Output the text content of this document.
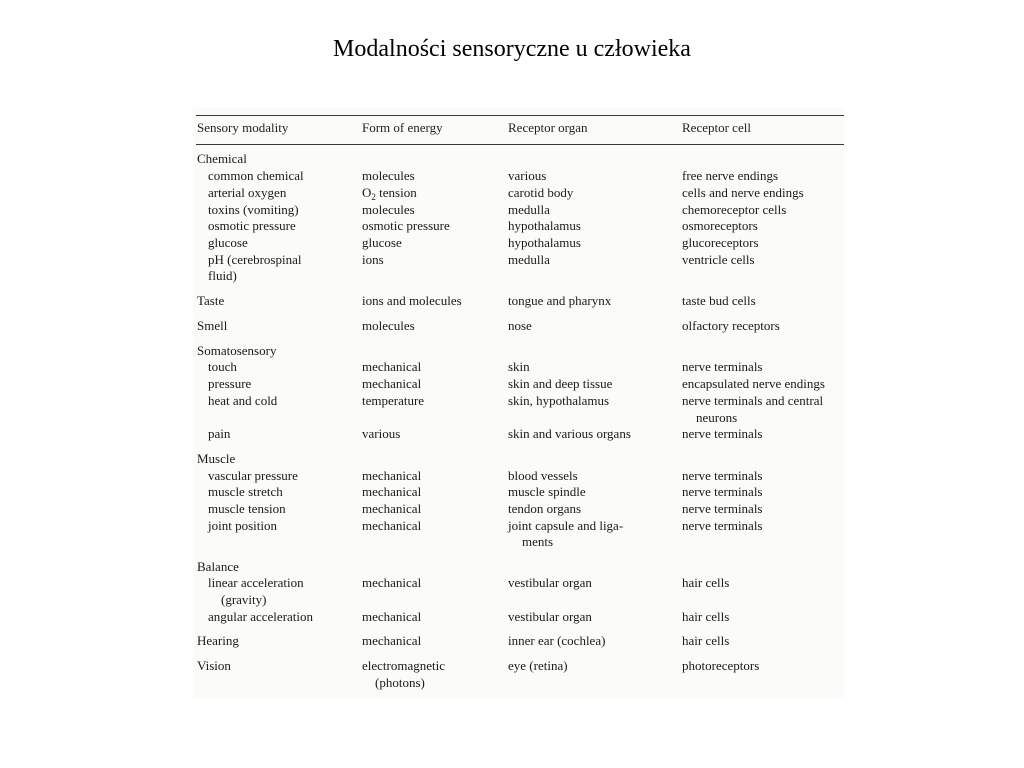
Modalności sensoryczne u człowieka
Sensory modality	Form of energy	Receptor organ	Receptor cell
Chemical
common chemical	molecules	various	free nerve endings
arterial oxygen	$O_2$ tension	carotid body	cells and nerve endings
toxins (vomiting)	molecules	medulla	chemoreceptor cells
osmotic pressure	osmotic pressure	hypothalamus	osmoreceptors
glucose	glucose	hypothalamus	glucoreceptors
pH (cerebrospinal	ions	medulla	ventricle cells
fluid)
Taste	ions and molecules	tongue and pharynx	taste bud cells
Smell	molecules	nose	olfactory receptors
Somatosensory
touch	mechanical	skin	nerve terminals
pressure	mechanical	skin and deep tissue	encapsulated nerve endings
heat and cold	temperature	skin, hypothalamus	nerve terminals and central
neurons
pain	various	skin and various organs	nerve terminals
Muscle
vascular pressure	mechanical	blood vessels	nerve terminals
muscle stretch	mechanical	muscle spindle	nerve terminals
muscle tension	mechanical	tendon organs	nerve terminals
joint position	mechanical	joint capsule and liga-	nerve terminals
ments
Balance
linear acceleration	mechanical	vestibular organ	hair cells
(gravity)
angular acceleration	mechanical	vestibular organ	hair cells
Hearing	mechanical	inner ear (cochlea)	hair cells
Vision	electromagnetic	eye (retina)	photoreceptors
(photons)
